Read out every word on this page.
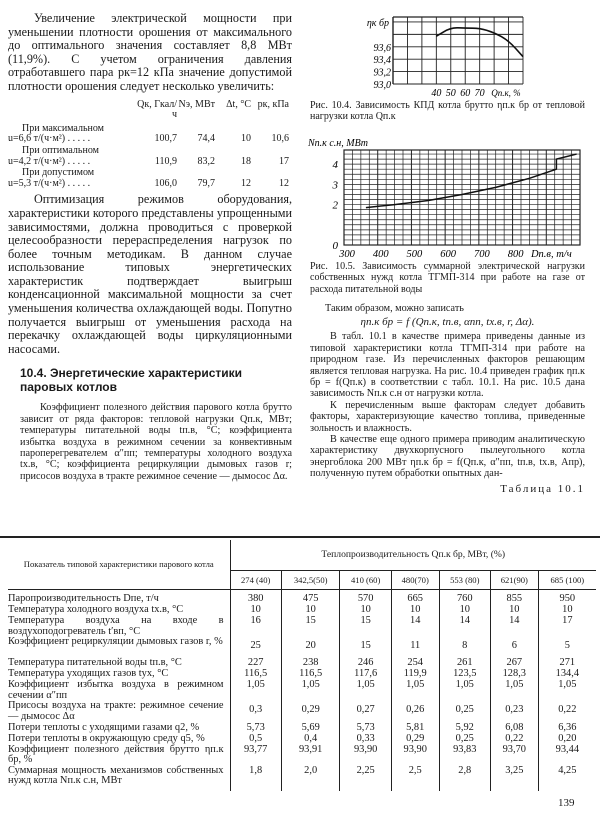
Увеличение электрической мощности при уменьшении плотности орошения от максимального до оптимального значения составляет 8,8 МВт (11,9%). С учетом ограничения давления отработавшего пара pк=12 кПа значение допустимой плотности орошения следует несколько увеличить:

Qк, Гкал/ч
Nэ, МВт	Δt, °C pк, кПа
При максимальном
u=6,6 т/(ч·м²) . . . . .	100,7	74,4	10	10,6
При оптимальном
u=4,2 т/(ч·м²) . . . . .	110,9	83,2	18	17
При допустимом
u=5,3 т/(ч·м²) . . . . .	106,0	79,7	12	12

Оптимизация режимов оборудования, характеристики которого представлены упрощенными зависимостями, должна проводиться с проверкой целесообразности перераспределения нагрузок по более точным методикам. В данном случае использование типовых энергетических характеристик подтверждает выигрыш конденсационной максимальной мощности за счет уменьшения количества охлаждающей воды. Попутно получается выигрыш от уменьшения расхода на перекачку охлаждающей воды циркуляционными насосами.

10.4. Энергетические характеристики паровых котлов

Коэффициент полезного действия парового котла брутто зависит от ряда факторов: тепловой нагрузки Qп.к, МВт; температуры питательной воды tп.в, °C; коэффициента избытка воздуха в режимном сечении за конвективным пароперегревателем α″пп; температуры холодного воздуха tх.в, °C; коэффициента рециркуляции дымовых газов r; присосов воздуха в тракте режимное сечение — дымосос Δα.

93,0
93,2
93,4
93,6
40 50 60 70 Qп.к, %
ηк бр
Рис. 10.4. Зависимость КПД котла брутто ηп.к бр от тепловой нагрузки котла Qп.к
0
2
3
4
300 400 500 600 700 800 Dп.в, т/ч
Nп.к с.н, МВт
Рис. 10.5. Зависимость суммарной электрической нагрузки собственных нужд котла ТГМП-314 при работе на газе от расхода питательной воды
Таким образом, можно записать
ηп.к бр = f (Qп.к, tп.в, αпп, tх.в, r, Δα).

В табл. 10.1 в качестве примера приведены данные из типовой характеристики котла ТГМП-314 при работе на природном газе. Из перечисленных факторов решающим является тепловая нагрузка. На рис. 10.4 приведен график ηп.к бр = f(Qп.к) в соответствии с табл. 10.1. На рис. 10.5 дана зависимость Nп.к с.н от нагрузки котла.

К перечисленным выше факторам следует добавить факторы, характеризующие качество топлива, приведенные зольность и влажность.

В качестве еще одного примера приводим аналитическую характеристику двухкорпусного пылеугольного котла энергоблока 200 МВт ηп.к бр = f(Qп.к, α″пп, tп.в, tх.в, Aпр), полученную путем обработки опытных дан-

Таблица 10.1
Показатель типовой характеристики парового котла	Теплопроизводительность Qп.к бр, МВт, (%)						
	274 (40)	342,5(50)	410 (60)	480(70)	553 (80)	621(90)	685 (100)
Паропроизводительность Dпе, т/ч	380	475	570	665	760	855	950
Температура холодного воздуха tх.в, °C	10	10	10	10	10	10	10
Температура воздуха на входе в воздухоподогреватель t′вп, °C	16	15	15	14	14	14	17
Коэффициент рециркуляции дымовых газов r, %	25	20	15	11	8	6	5
Температура питательной воды tп.в, °C	227	238	246	254	261	267	271
Температура уходящих газов tух, °C	116,5	116,5	117,6	119,9	123,5	128,3	134,4
Коэффициент избытка воздуха в режимном сечении α″пп	1,05	1,05	1,05	1,05	1,05	1,05	1,05
Присосы воздуха на тракте: режимное сечение — дымосос Δα	0,3	0,29	0,27	0,26	0,25	0,23	0,22
Потери теплоты с уходящими газами q2, %	5,73	5,69	5,73	5,81	5,92	6,08	6,36
Потери теплоты в окружающую среду q5, %	0,5	0,4	0,33	0,29	0,25	0,22	0,20
Коэффициент полезного действия брутто ηп.к бр, %	93,77	93,91	93,90	93,90	93,83	93,70	93,44
Суммарная мощность механизмов собственных нужд котла Nп.к с.н, МВт	1,8	2,0	2,25	2,5	2,8	3,25	4,25

139
